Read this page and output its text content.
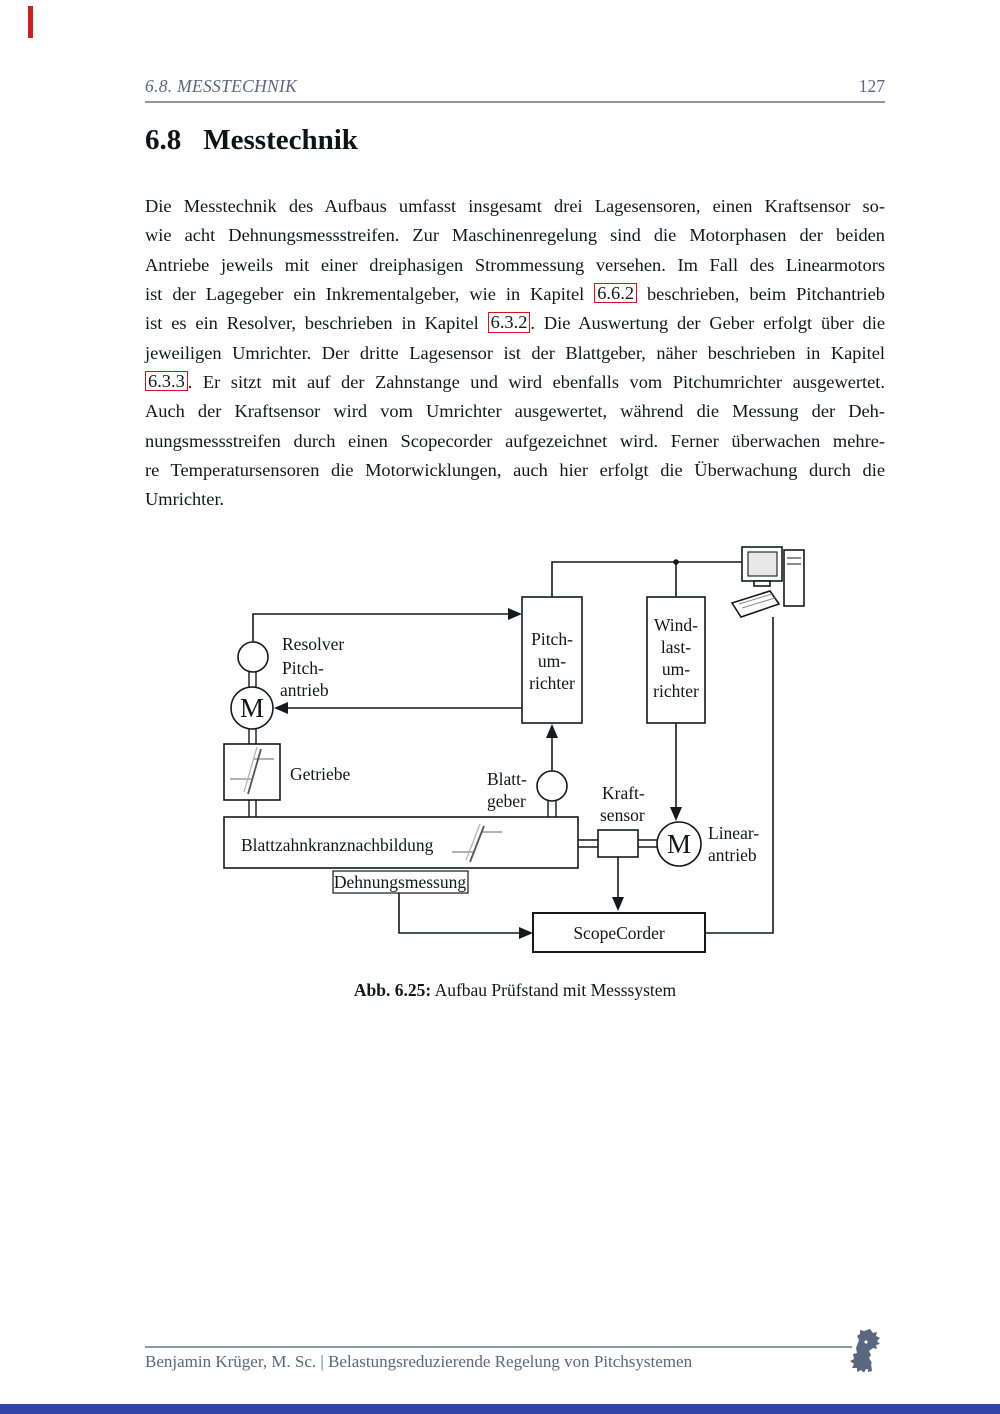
6.8. MESSTECHNIK	127
6.8 Messtechnik
Die Messtechnik des Aufbaus umfasst insgesamt drei Lagesensoren, einen Kraftsensor so-
wie acht Dehnungsmessstreifen. Zur Maschinenregelung sind die Motorphasen der beiden
Antriebe jeweils mit einer dreiphasigen Strommessung versehen. Im Fall des Linearmotors
ist der Lagegeber ein Inkrementalgeber, wie in Kapitel 6.6.2 beschrieben, beim Pitchantrieb
ist es ein Resolver, beschrieben in Kapitel 6.3.2 . Die Auswertung der Geber erfolgt über die
jeweiligen Umrichter. Der dritte Lagesensor ist der Blattgeber, näher beschrieben in Kapitel
6.3.3 . Er sitzt mit auf der Zahnstange und wird ebenfalls vom Pitchumrichter ausgewertet.
Auch der Kraftsensor wird vom Umrichter ausgewertet, während die Messung der Deh-
nungsmessstreifen durch einen Scopecorder aufgezeichnet wird. Ferner überwachen mehre-
re Temperatursensoren die Motorwicklungen, auch hier erfolgt die Überwachung durch die
Umrichter.
Resolver
Pitch-
antrieb
M
Pitch-
um-
richter
Wind-
last-
um-
richter
Getriebe	Blatt-
geber
Blattzahnkranznachbildung
Dehnungsmessung
Kraft-
sensor
M Linear-
antrieb
ScopeCorder
Abb. 6.25: Aufbau Prüfstand mit Messsystem
Benjamin Krüger, M. Sc. | Belastungsreduzierende Regelung von Pitchsystemen
